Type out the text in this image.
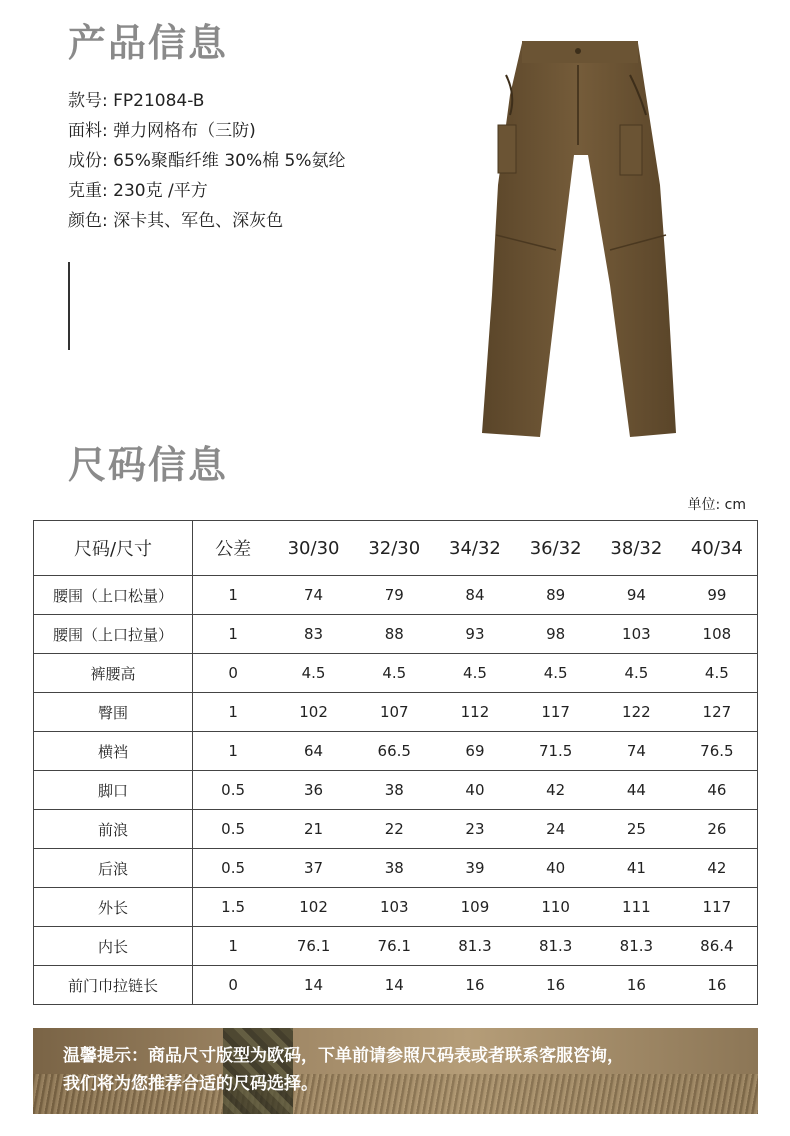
产品信息
款号: FP21084-B
面料: 弹力网格布（三防)
成份: 65%聚酯纤维 30%棉 5%氨纶
克重: 230克 /平方
颜色: 深卡其、军色、深灰色
尺码信息
单位: cm
尺码/尺寸	公差	30/30	32/30	34/32	36/32	38/32	40/34
腰围（上口松量）	1	74	79	84	89	94	99
腰围（上口拉量）	1	83	88	93	98	103	108
裤腰高	0	4.5	4.5	4.5	4.5	4.5	4.5
臀围	1	102	107	112	117	122	127
横裆	1	64	66.5	69	71.5	74	76.5
脚口	0.5	36	38	40	42	44	46
前浪	0.5	21	22	23	24	25	26
后浪	0.5	37	38	39	40	41	42
外长	1.5	102	103	109	110	111	117
内长	1	76.1	76.1	81.3	81.3	81.3	86.4
前门巾拉链长	0	14	14	16	16	16	16
温馨提示：商品尺寸版型为欧码，下单前请参照尺码表或者联系客服咨询，
我们将为您推荐合适的尺码选择。
